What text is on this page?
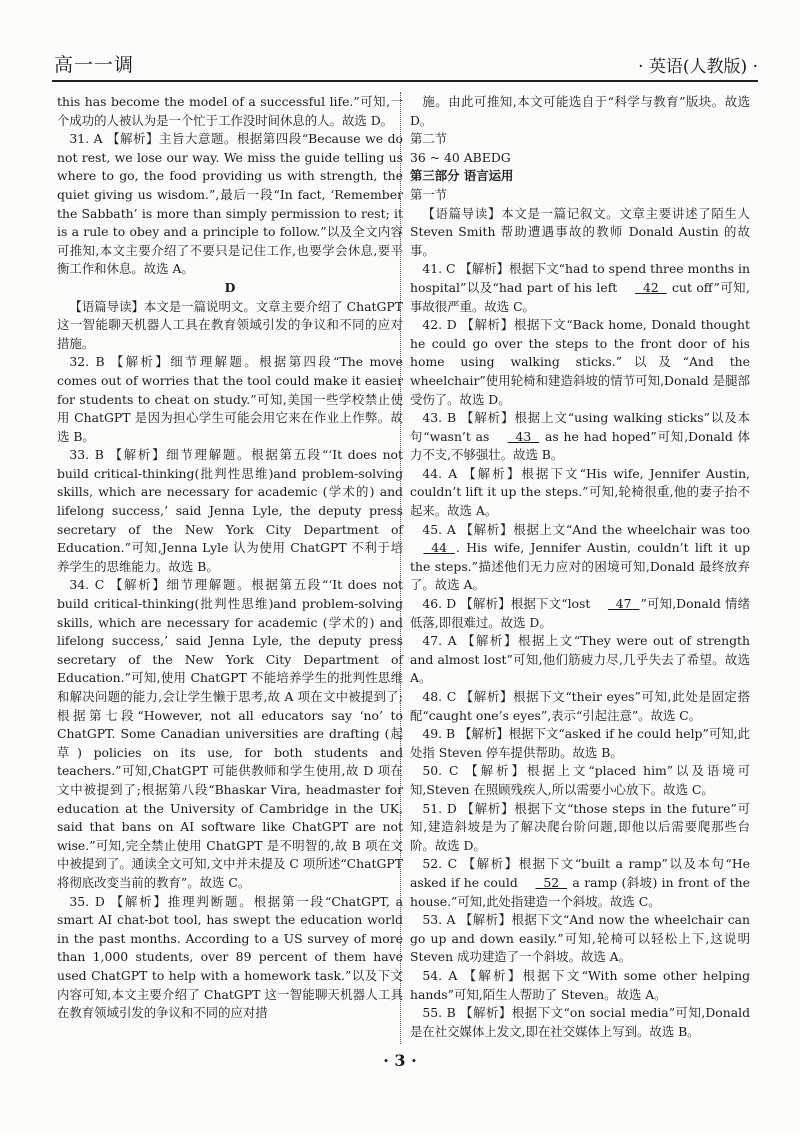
高一一调	· 英语(人教版) ·

this has become the model of a successful life.”可知,一个成功的人被认为是一个忙于工作没时间休息的人。故选 D。

31. A 【解析】主旨大意题。根据第四段“Because we do not rest, we lose our way. We miss the guide telling us where to go, the food providing us with strength, the quiet giving us wisdom.”,最后一段“In fact, ‘Remember the Sabbath’ is more than simply permission to rest; it is a rule to obey and a principle to follow.”以及全文内容可推知,本文主要介绍了不要只是记住工作,也要学会休息,要平衡工作和休息。故选 A。

D

【语篇导读】本文是一篇说明文。文章主要介绍了 ChatGPT 这一智能聊天机器人工具在教育领域引发的争议和不同的应对措施。

32. B 【解析】细节理解题。根据第四段“The move comes out of worries that the tool could make it easier for students to cheat on study.”可知,美国一些学校禁止使用 ChatGPT 是因为担心学生可能会用它来在作业上作弊。故选 B。

33. B 【解析】细节理解题。根据第五段“‘It does not build critical-thinking(批判性思维)and problem-solving skills, which are necessary for academic (学术的) and lifelong success,’ said Jenna Lyle, the deputy press secretary of the New York City Department of Education.”可知,Jenna Lyle 认为使用 ChatGPT 不利于培养学生的思维能力。故选 B。

34. C 【解析】细节理解题。根据第五段“‘It does not build critical-thinking(批判性思维)and problem-solving skills, which are necessary for academic (学术的) and lifelong success,’ said Jenna Lyle, the deputy press secretary of the New York City Department of Education.”可知,使用 ChatGPT 不能培养学生的批判性思维和解决问题的能力,会让学生懒于思考,故 A 项在文中被提到了;根据第七段“However, not all educators say ‘no’ to ChatGPT. Some Canadian universities are drafting (起草) policies on its use, for both students and teachers.”可知,ChatGPT 可能供教师和学生使用,故 D 项在文中被提到了;根据第八段“Bhaskar Vira, headmaster for education at the University of Cambridge in the UK, said that bans on AI software like ChatGPT are not wise.”可知,完全禁止使用 ChatGPT 是不明智的,故 B 项在文中被提到了。通读全文可知,文中并未提及 C 项所述“ChatGPT 将彻底改变当前的教育”。故选 C。

35. D 【解析】推理判断题。根据第一段“ChatGPT, a smart AI chat-bot tool, has swept the education world in the past months. According to a US survey of more than 1,000 students, over 89 percent of them have used ChatGPT to help with a homework task.”以及下文内容可知,本文主要介绍了 ChatGPT 这一智能聊天机器人工具在教育领域引发的争议和不同的应对措

施。由此可推知,本文可能选自于“科学与教育”版块。故选 D。

第二节

36 ~ 40 ABEDG

第三部分 语言运用

第一节

【语篇导读】本文是一篇记叙文。文章主要讲述了陌生人 Steven Smith 帮助遭遇事故的教师 Donald Austin 的故事。

41. C 【解析】根据下文“had to spend three months in hospital”以及“had part of his left   42   cut off”可知,事故很严重。故选 C。

42. D 【解析】根据下文“Back home, Donald thought he could go over the steps to the front door of his home using walking sticks.”以及“And the wheelchair”使用轮椅和建造斜坡的情节可知,Donald 是腿部受伤了。故选 D。

43. B 【解析】根据上文“using walking sticks”以及本句“wasn’t as   43   as he had hoped”可知,Donald 体力不支,不够强壮。故选 B。

44. A 【解析】根据下文“His wife, Jennifer Austin, couldn’t lift it up the steps.”可知,轮椅很重,他的妻子抬不起来。故选 A。

45. A 【解析】根据上文“And the wheelchair was too   44  . His wife, Jennifer Austin, couldn’t lift it up the steps.”描述他们无力应对的困境可知,Donald 最终放弃了。故选 A。

46. D 【解析】根据下文“lost   47  ”可知,Donald 情绪低落,即很难过。故选 D。

47. A 【解析】根据上文“They were out of strength and almost lost”可知,他们筋疲力尽,几乎失去了希望。故选 A。

48. C 【解析】根据下文“their eyes”可知,此处是固定搭配“caught one’s eyes”,表示“引起注意”。故选 C。

49. B 【解析】根据下文“asked if he could help”可知,此处指 Steven 停车提供帮助。故选 B。

50. C 【解析】根据上文“placed him”以及语境可知,Steven 在照顾残疾人,所以需要小心放下。故选 C。

51. D 【解析】根据下文“those steps in the future”可知,建造斜坡是为了解决爬台阶问题,即他以后需要爬那些台阶。故选 D。

52. C 【解析】根据下文“built a ramp”以及本句“He asked if he could   52   a ramp (斜坡) in front of the house.”可知,此处指建造一个斜坡。故选 C。

53. A 【解析】根据下文“And now the wheelchair can go up and down easily.”可知,轮椅可以轻松上下,这说明 Steven 成功建造了一个斜坡。故选 A。

54. A 【解析】根据下文“With some other helping hands”可知,陌生人帮助了 Steven。故选 A。

55. B 【解析】根据下文“on social media”可知,Donald 是在社交媒体上发文,即在社交媒体上写到。故选 B。

· 3 ·
